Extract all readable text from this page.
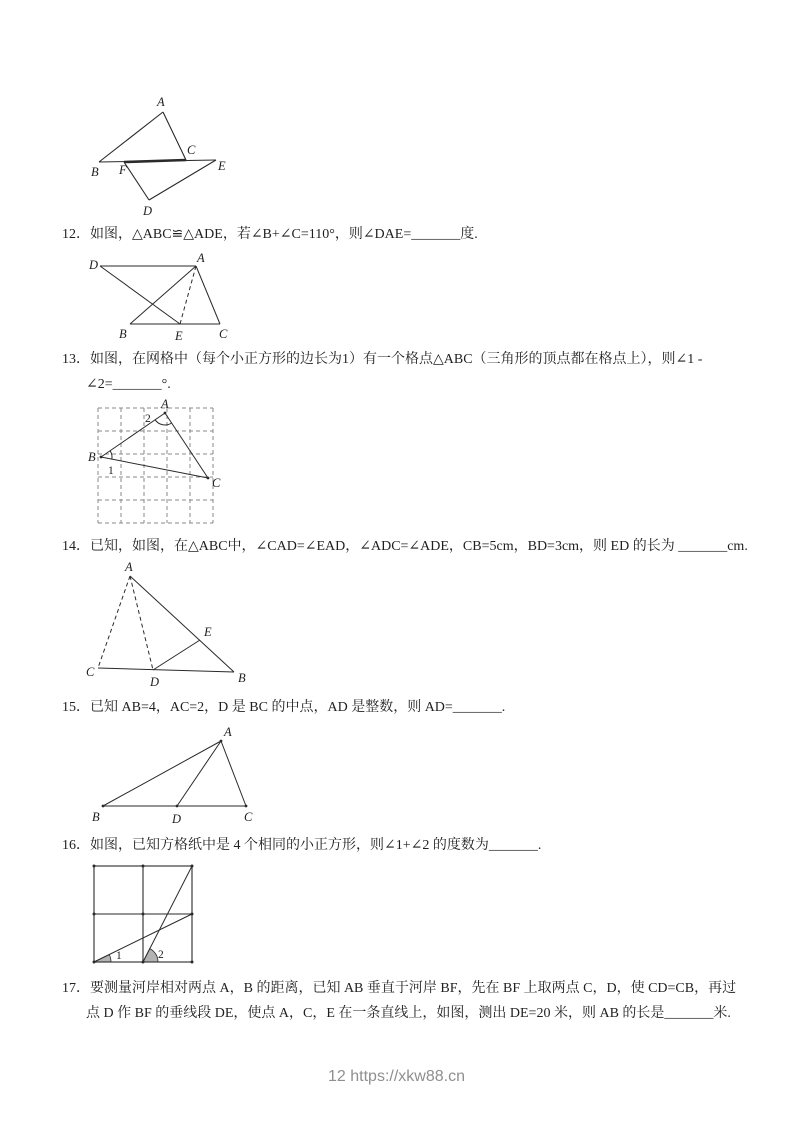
A
B
C
D
E
F
12．如图，△ABC≌△ADE，若∠B+∠C=110°，则∠DAE=_______度.
D	A
B	E	C
13．如图，在网格中（每个小正方形的边长为1）有一个格点△ABC（三角形的顶点都在格点上），则∠1 -
∠2=_______°.
A
B
C
1
2
14．已知，如图，在△ABC中，∠CAD=∠EAD，∠ADC=∠ADE，CB=5cm，BD=3cm，则 ED 的长为 _______cm.
A
C	B
D
E
15．已知 AB=4，AC=2，D 是 BC 的中点，AD 是整数，则 AD=_______.
A
B	D	C
16．如图，已知方格纸中是 4 个相同的小正方形，则∠1+∠2 的度数为_______.
1	2
17．要测量河岸相对两点 A，B 的距离，已知 AB 垂直于河岸 BF，先在 BF 上取两点 C，D，使 CD=CB，再过
点 D 作 BF 的垂线段 DE，使点 A，C，E 在一条直线上，如图，测出 DE=20 米，则 AB 的长是_______米.
12 https://xkw88.cn
